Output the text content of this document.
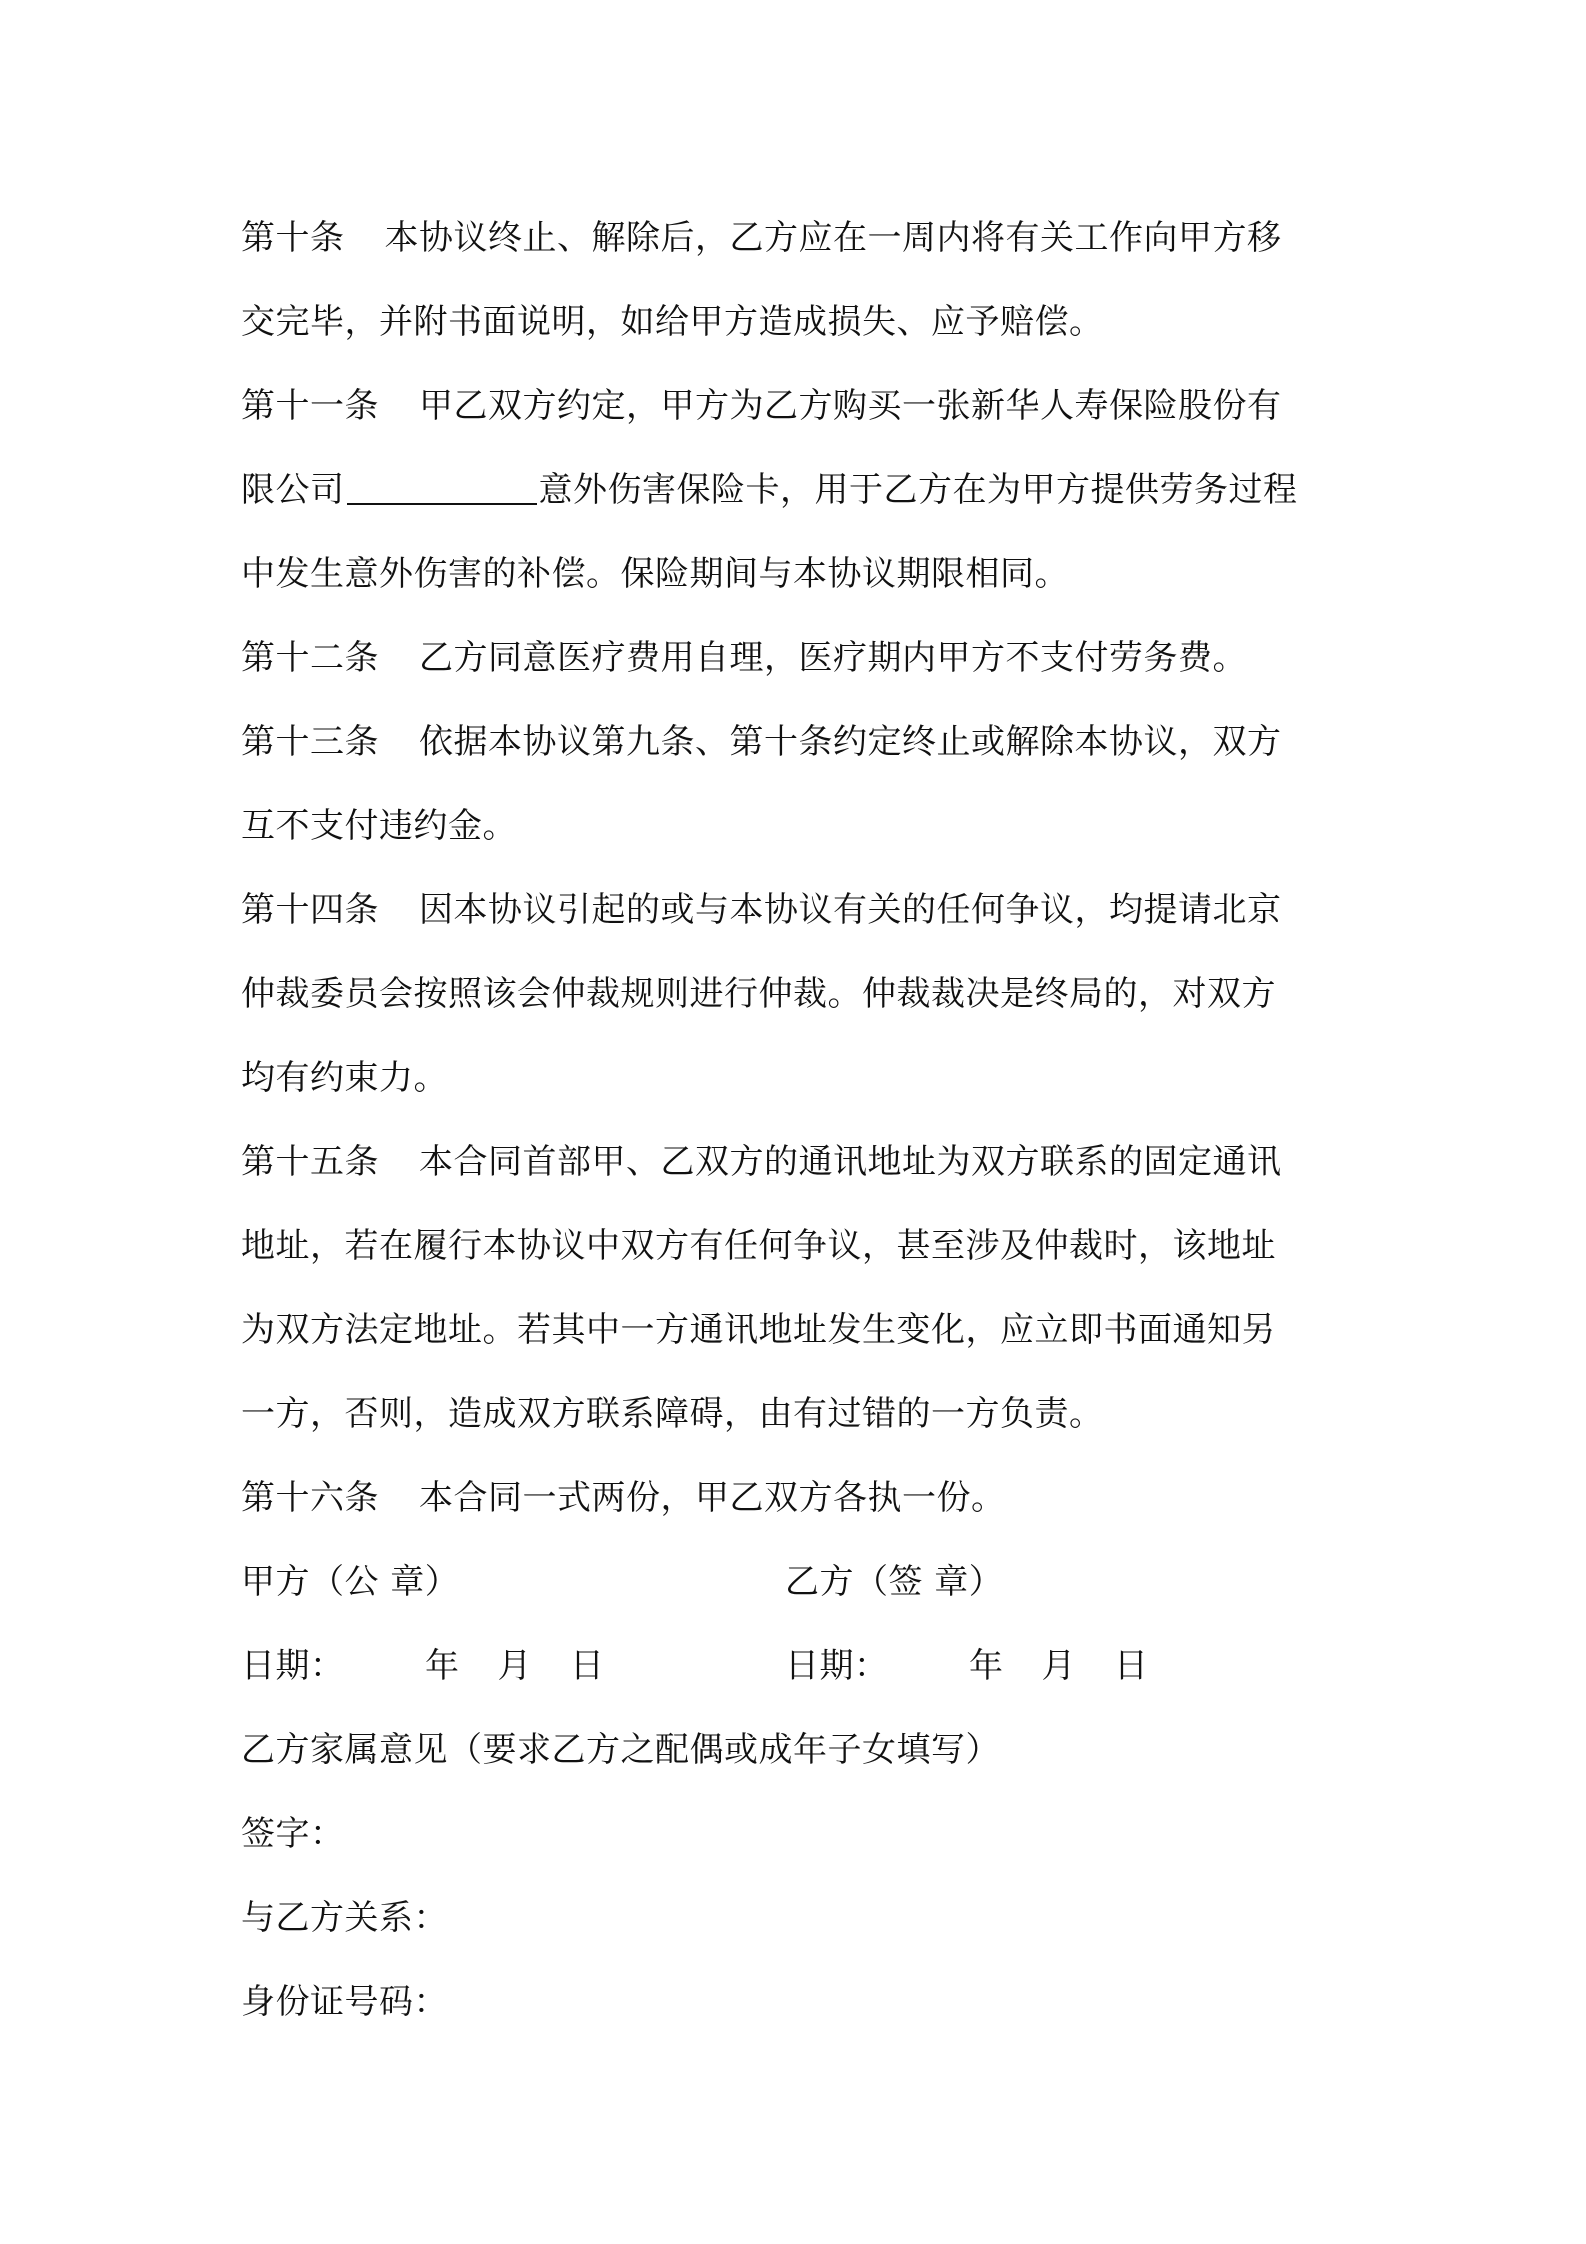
第十条 本协议终止、解除后，乙方应在一周内将有关工作向甲方移
交完毕，并附书面说明，如给甲方造成损失、应予赔偿。
第十一条 甲乙双方约定，甲方为乙方购买一张新华人寿保险股份有
限公司	意外伤害保险卡，用于乙方在为甲方提供劳务过程
中发生意外伤害的补偿。保险期间与本协议期限相同。
第十二条 乙方同意医疗费用自理，医疗期内甲方不支付劳务费。
第十三条 依据本协议第九条、第十条约定终止或解除本协议，双方
互不支付违约金。
第十四条 因本协议引起的或与本协议有关的任何争议，均提请北京
仲裁委员会按照该会仲裁规则进行仲裁。仲裁裁决是终局的，对双方
均有约束力。
第十五条 本合同首部甲、乙双方的通讯地址为双方联系的固定通讯
地址，若在履行本协议中双方有任何争议，甚至涉及仲裁时，该地址
为双方法定地址。若其中一方通讯地址发生变化，应立即书面通知另
一方，否则，造成双方联系障碍，由有过错的一方负责。
第十六条 本合同一式两份，甲乙双方各执一份。
甲方（公 章）	乙方（签 章）
日期： 年 月 日	日期： 年 月 日
乙方家属意见（要求乙方之配偶或成年子女填写）
签字：
与乙方关系：
身份证号码：
